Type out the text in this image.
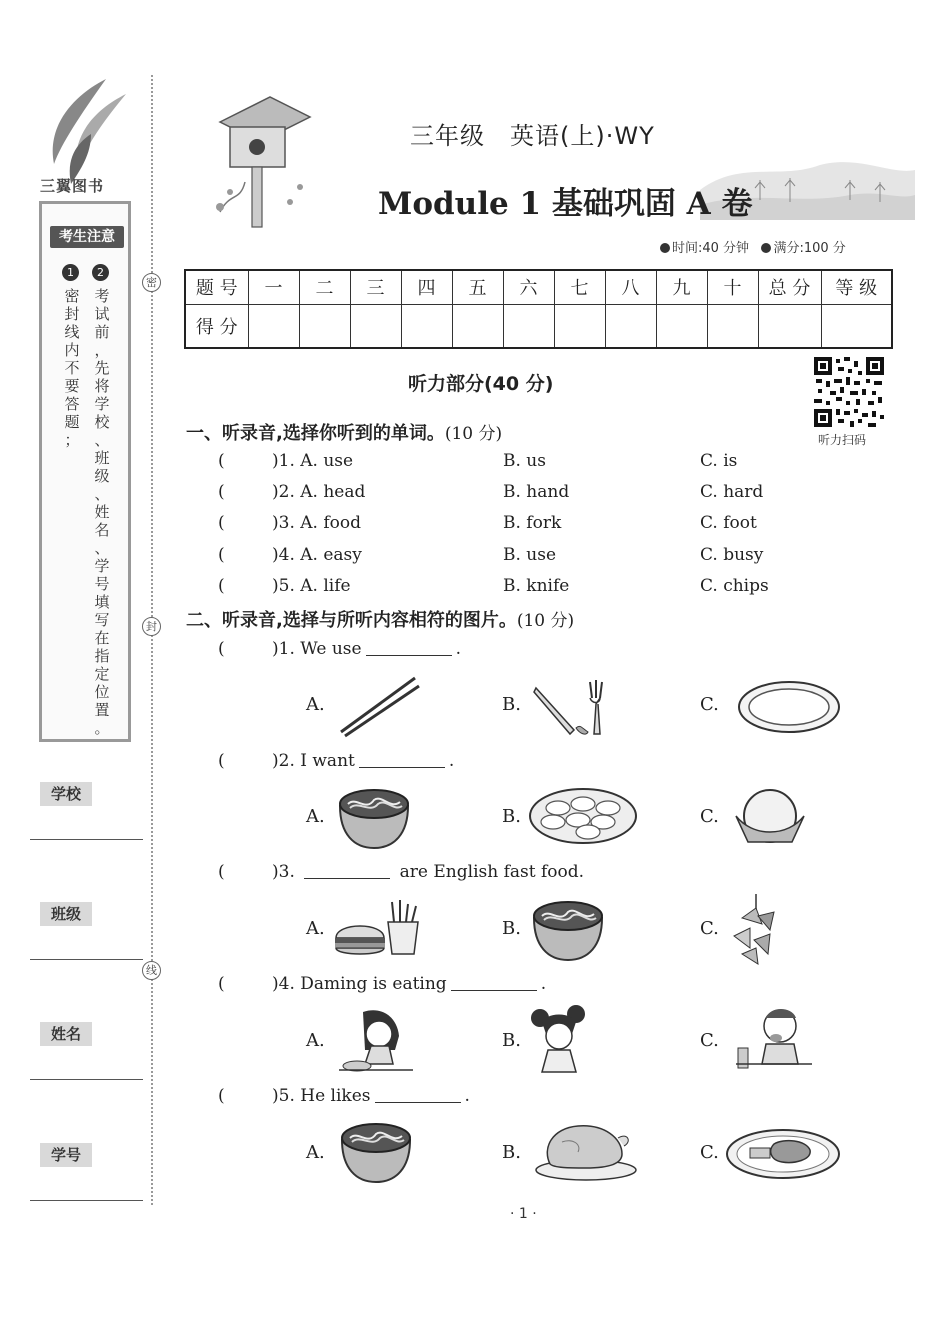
三翼图书
考生注意
1
密
封
线
内
不
要
答
题
；
2
考
试
前
，
先
将
学
校
、
班
级
、
姓
名
、
学
号
填
写
在
指
定
位
置
。
学校
班级
姓名
学号
密
封
线
三年级　英语(上)·WY
Module 1 基础巩固 A 卷
时间:40 分钟 满分:100 分
题 号	一	二	三	四	五	六	七	八	九	十	总 分	等 级
得 分												
听力部分(40 分)
听力扫码
一、听录音,选择你听到的单词。(10 分)
(	)1. A. use	B. us	C. is
(	)2. A. head	B. hand	C. hard
(	)3. A. food	B. fork	C. foot
(	)4. A. easy	B. use	C. busy
(	)5. A. life	B. knife	C. chips
二、听录音,选择与所听内容相符的图片。(10 分)
(	)1. We use	.
A.	B.	C.
(	)2. I want	.
A.	B.	C.
(	)3.	are English fast food.
A.	B.	C.
(	)4. Daming is eating	.
A.	B.	C.
(	)5. He likes	.
A.	B.	C.
· 1 ·
